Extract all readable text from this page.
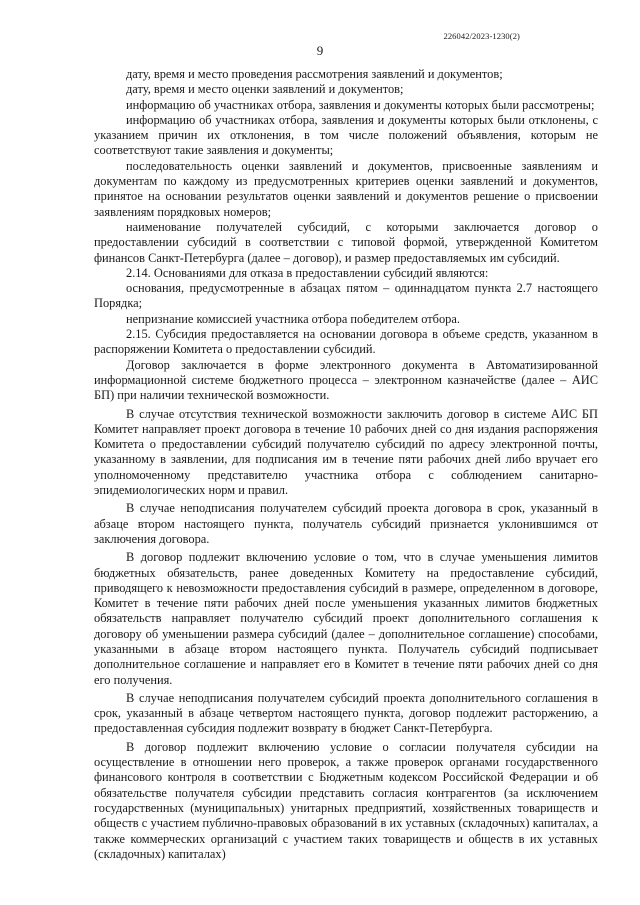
226042/2023-1230(2)
9

дату, время и место проведения рассмотрения заявлений и документов;

дату, время и место оценки заявлений и документов;

информацию об участниках отбора, заявления и документы которых были рассмотрены;

информацию об участниках отбора, заявления и документы которых были отклонены, с указанием причин их отклонения, в том числе положений объявления, которым не соответствуют такие заявления и документы;

последовательность оценки заявлений и документов, присвоенные заявлениям и документам по каждому из предусмотренных критериев оценки заявлений и документов, принятое на основании результатов оценки заявлений и документов решение о присвоении заявлениям порядковых номеров;

наименование получателей субсидий, с которыми заключается договор о предоставлении субсидий в соответствии с типовой формой, утвержденной Комитетом финансов Санкт-Петербурга (далее – договор), и размер предоставляемых им субсидий.

2.14. Основаниями для отказа в предоставлении субсидий являются:

основания, предусмотренные в абзацах пятом – одиннадцатом пункта 2.7 настоящего Порядка;

непризнание комиссией участника отбора победителем отбора.

2.15. Субсидия предоставляется на основании договора в объеме средств, указанном в распоряжении Комитета о предоставлении субсидий.

Договор заключается в форме электронного документа в Автоматизированной информационной системе бюджетного процесса – электронном казначействе (далее – АИС БП) при наличии технической возможности.

В случае отсутствия технической возможности заключить договор в системе АИС БП Комитет направляет проект договора в течение 10 рабочих дней со дня издания распоряжения Комитета о предоставлении субсидий получателю субсидий по адресу электронной почты, указанному в заявлении, для подписания им в течение пяти рабочих дней либо вручает его уполномоченному представителю участника отбора с соблюдением санитарно-эпидемиологических норм и правил.

В случае неподписания получателем субсидий проекта договора в срок, указанный в абзаце втором настоящего пункта, получатель субсидий признается уклонившимся от заключения договора.

В договор подлежит включению условие о том, что в случае уменьшения лимитов бюджетных обязательств, ранее доведенных Комитету на предоставление субсидий, приводящего к невозможности предоставления субсидий в размере, определенном в договоре, Комитет в течение пяти рабочих дней после уменьшения указанных лимитов бюджетных обязательств направляет получателю субсидий проект дополнительного соглашения к договору об уменьшении размера субсидий (далее – дополнительное соглашение) способами, указанными в абзаце втором настоящего пункта. Получатель субсидий подписывает дополнительное соглашение и направляет его в Комитет в течение пяти рабочих дней со дня его получения.

В случае неподписания получателем субсидий проекта дополнительного соглашения в срок, указанный в абзаце четвертом настоящего пункта, договор подлежит расторжению, а предоставленная субсидия подлежит возврату в бюджет Санкт-Петербурга.

В договор подлежит включению условие о согласии получателя субсидии на осуществление в отношении него проверок, а также проверок органами государственного финансового контроля в соответствии с Бюджетным кодексом Российской Федерации и об обязательстве получателя субсидии представить согласия контрагентов (за исключением государственных (муниципальных) унитарных предприятий, хозяйственных товариществ и обществ с участием публично-правовых образований в их уставных (складочных) капиталах, а также коммерческих организаций с участием таких товариществ и обществ в их уставных (складочных) капиталах)
